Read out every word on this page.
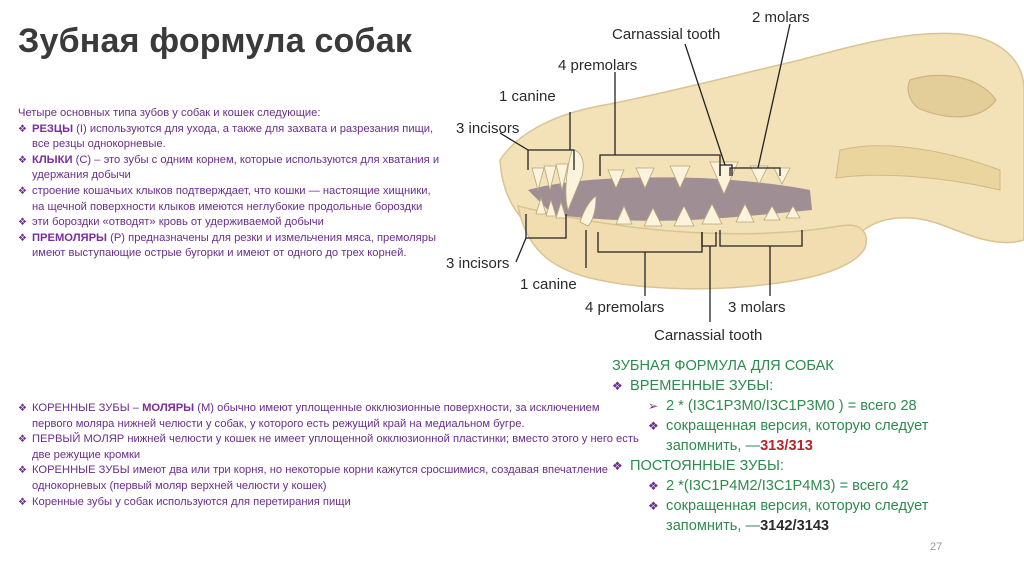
Зубная формула собак

Четыре основных типа зубов у собак и кошек следующие:

❖ РЕЗЦЫ (I) используются для ухода, а также для захвата и разрезания пищи, все резцы однокорневые.
❖ КЛЫКИ (C) – это зубы с одним корнем, которые используются для хватания и удержания добычи
❖ строение кошачьих клыков подтверждает, что кошки — настоящие хищники, на щечной поверхности клыков имеются неглубокие продольные бороздки
❖ эти бороздки «отводят» кровь от удерживаемой добычи
❖ ПРЕМОЛЯРЫ (P) предназначены для резки и измельчения мяса, премоляры имеют выступающие острые бугорки и имеют от одного до трех корней.
❖ КОРЕННЫЕ ЗУБЫ – МОЛЯРЫ (M) обычно имеют уплощенные окклюзионные поверхности, за исключением первого моляра нижней челюсти у собак, у которого есть режущий край на медиальном бугре.
❖ ПЕРВЫЙ МОЛЯР нижней челюсти у кошек не имеет уплощенной окклюзионной пластинки; вместо этого у него есть две режущие кромки
❖ КОРЕННЫЕ ЗУБЫ имеют два или три корня, но некоторые корни кажутся сросшимися, создавая впечатление однокорневых (первый моляр верхней челюсти у кошек)
❖ Коренные зубы у собак используются для перетирания пищи
Carnassial tooth
2 molars
4 premolars
1 canine
3 incisors
3 incisors
1 canine
4 premolars	3 molars
Carnassial tooth
ЗУБНАЯ ФОРМУЛА ДЛЯ СОБАК
❖ ВРЕМЕННЫЕ ЗУБЫ:
➢ 2 * (I3C1P3M0/I3C1P3M0 ) = всего 28
❖ сокращенная версия, которую следует
запомнить, — 313/313
❖ ПОСТОЯННЫЕ ЗУБЫ:
❖ 2 *(I3C1P4M2/I3C1P4M3) = всего 42
❖ сокращенная версия, которую следует
запомнить, — 3142/3143
27
